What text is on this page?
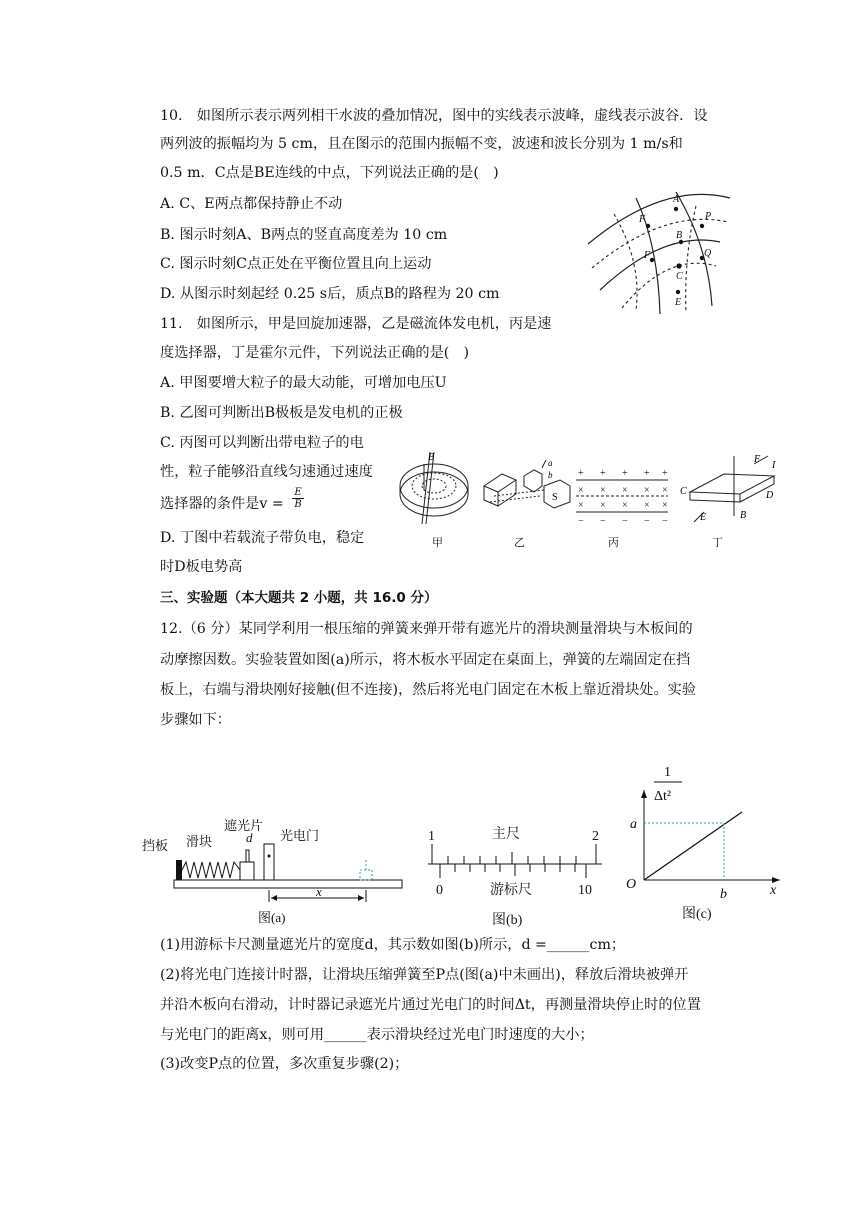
10.　如图所示表示两列相干水波的叠加情况，图中的实线表示波峰，虚线表示波谷．设
两列波的振幅均为 5 cm，且在图示的范围内振幅不变，波速和波长分别为 1 m/s和
0.5 m．C点是BE连线的中点，下列说法正确的是(　)
A. C、E两点都保持静止不动
B. 图示时刻A、B两点的竖直高度差为 10 cm
C. 图示时刻C点正处在平衡位置且向上运动
D. 从图示时刻起经 0.25 s后，质点B的路程为 20 cm
A
F	P
B
F
C
Q
E
11.　如图所示，甲是回旋加速器，乙是磁流体发电机，丙是速
度选择器，丁是霍尔元件，下列说法正确的是(　)
A. 甲图要增大粒子的最大动能，可增加电压U
B. 乙图可判断出B极板是发电机的正极
C. 丙图可以判断出带电粒子的电
性，粒子能够沿直线匀速通过速度
选择器的条件是$v = \frac{E}{B}$
D. 丁图中若载流子带负电，稳定
时D板电势高
B	a
b
S
+ + + + +
× × × × ×
× × × × ×
− − − − −
F
I
C	D
E	B
甲	乙	丙	丁
三、实验题（本大题共 2 小题，共 16.0 分）
12.（6 分）某同学利用一根压缩的弹簧来弹开带有遮光片的滑块测量滑块与木板间的
动摩擦因数。实验装置如图(a)所示，将木板水平固定在桌面上，弹簧的左端固定在挡
板上，右端与滑块刚好接触(但不连接)，然后将光电门固定在木板上靠近滑块处。实验
步骤如下：
挡板 滑块
遮光片
光电门
d
x
图(a)
1	2
主尺
0	10
游标尺
图(b)
1
Δt²
a
b
O	x
图(c)
(1)用游标卡尺测量遮光片的宽度d，其示数如图(b)所示，d =______cm；
(2)将光电门连接计时器，让滑块压缩弹簧至P点(图(a)中未画出)，释放后滑块被弹开
并沿木板向右滑动，计时器记录遮光片通过光电门的时间Δt，再测量滑块停止时的位置
与光电门的距离x，则可用______表示滑块经过光电门时速度的大小；
(3)改变P点的位置，多次重复步骤(2)；
